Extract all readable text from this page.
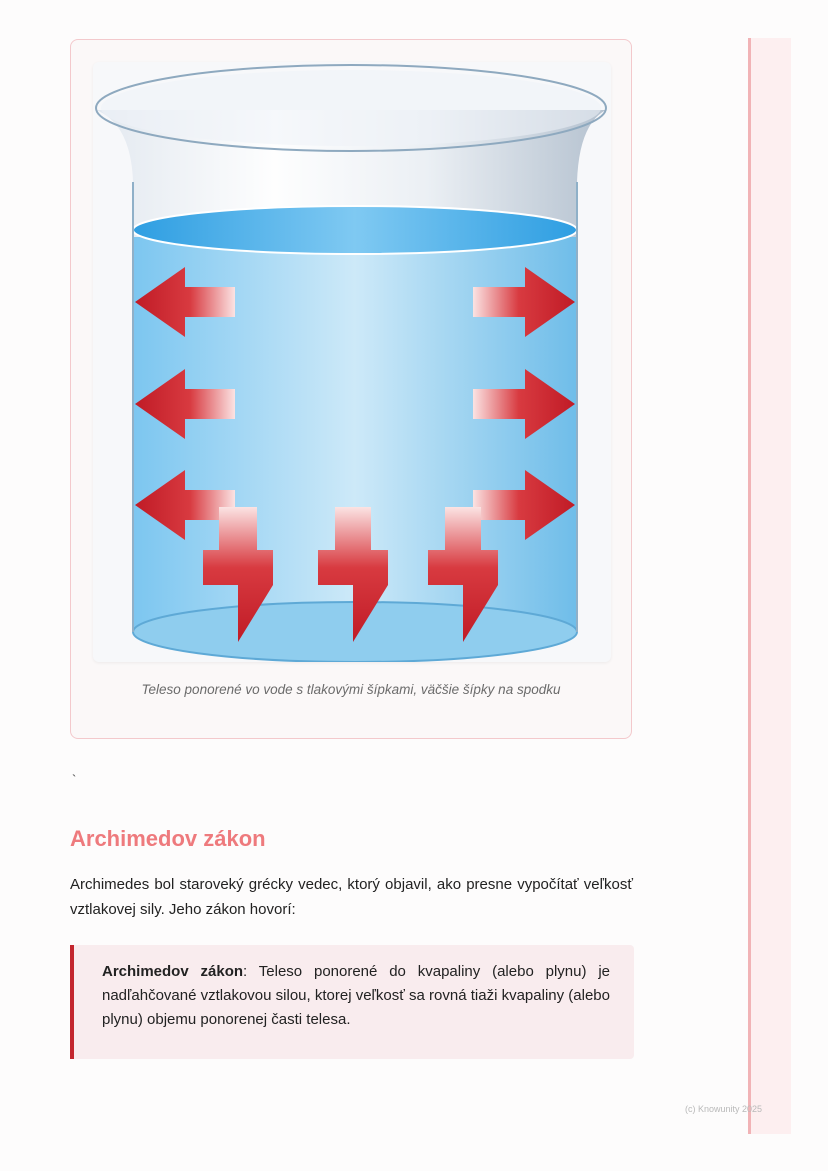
Teleso ponorené vo vode s tlakovými šípkami, väčšie šípky na spodku
`
Archimedov zákon

Archimedes bol staroveký grécky vedec, ktorý objavil, ako presne vypočítať veľkosť vztlakovej sily. Jeho zákon hovorí:

Archimedov zákon: Teleso ponorené do kvapaliny (alebo plynu) je nadľahčované vztlakovou silou, ktorej veľkosť sa rovná tiaži kvapaliny (alebo plynu) objemu ponorenej časti telesa.

(c) Knowunity 2025
